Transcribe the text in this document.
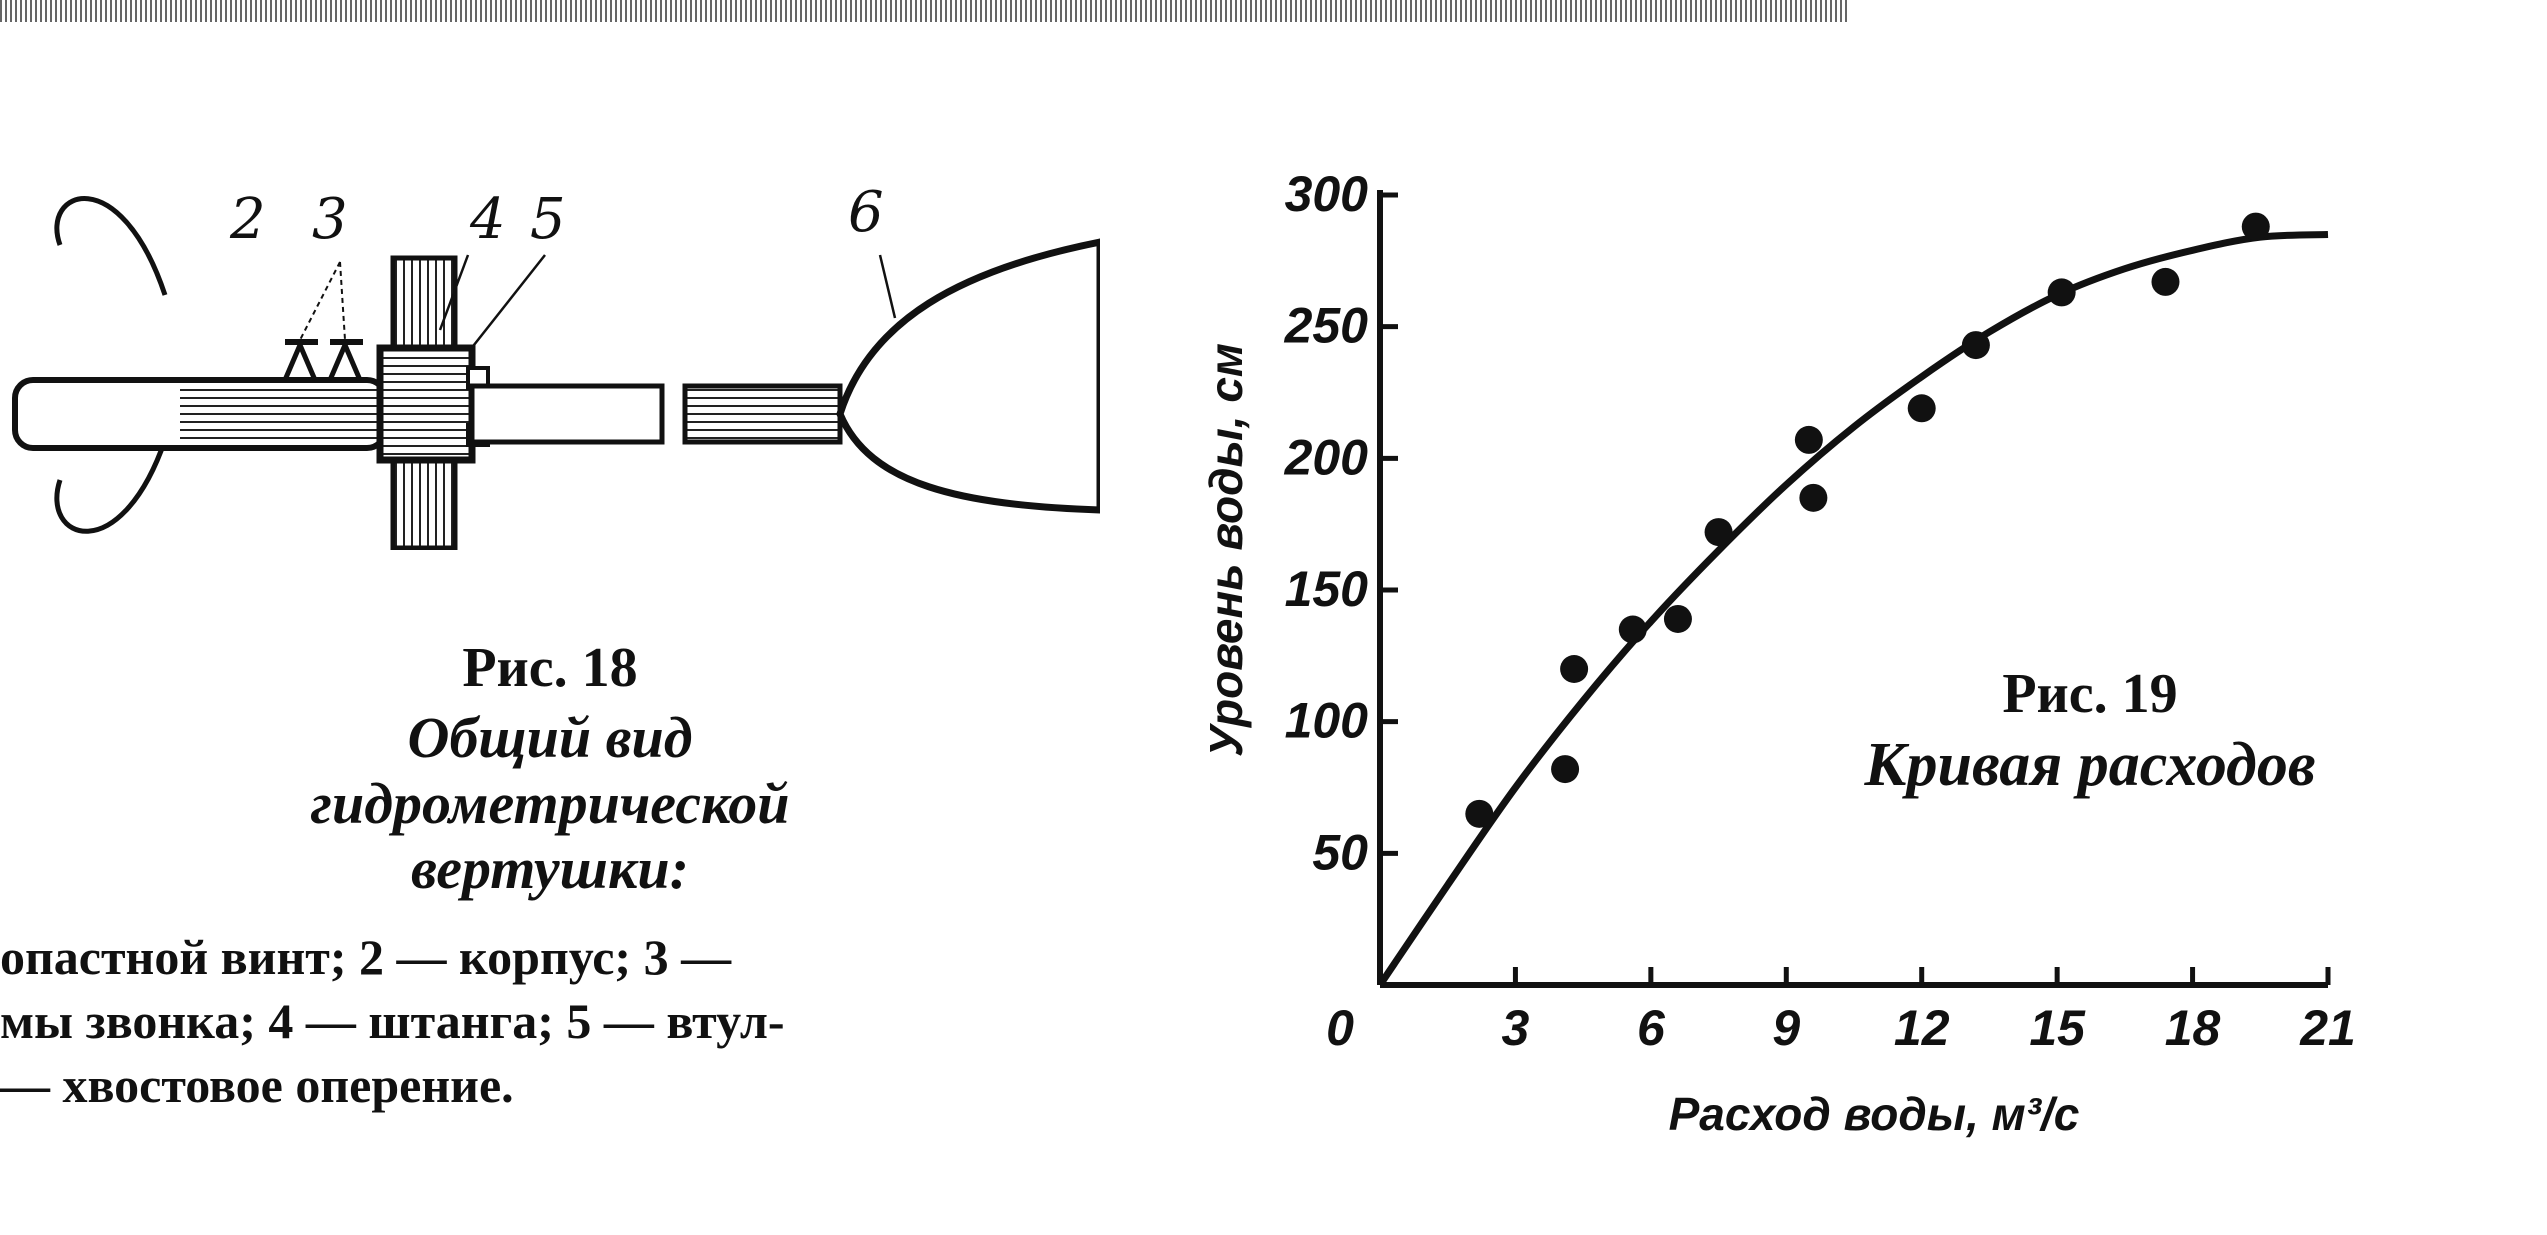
2 3 4 5	6
Рис. 18
Общий вид
гидрометрической
вертушки:
опастной винт; 2 — корпус; 3 —
мы звонка; 4 — штанга; 5 — втул-
— хвостовое оперение.
50
100
150
200
250
300
0	3 6 9 12 15 18 21
Расход воды, м³/с
Уровень воды, см	Рис. 19
Кривая расходов
